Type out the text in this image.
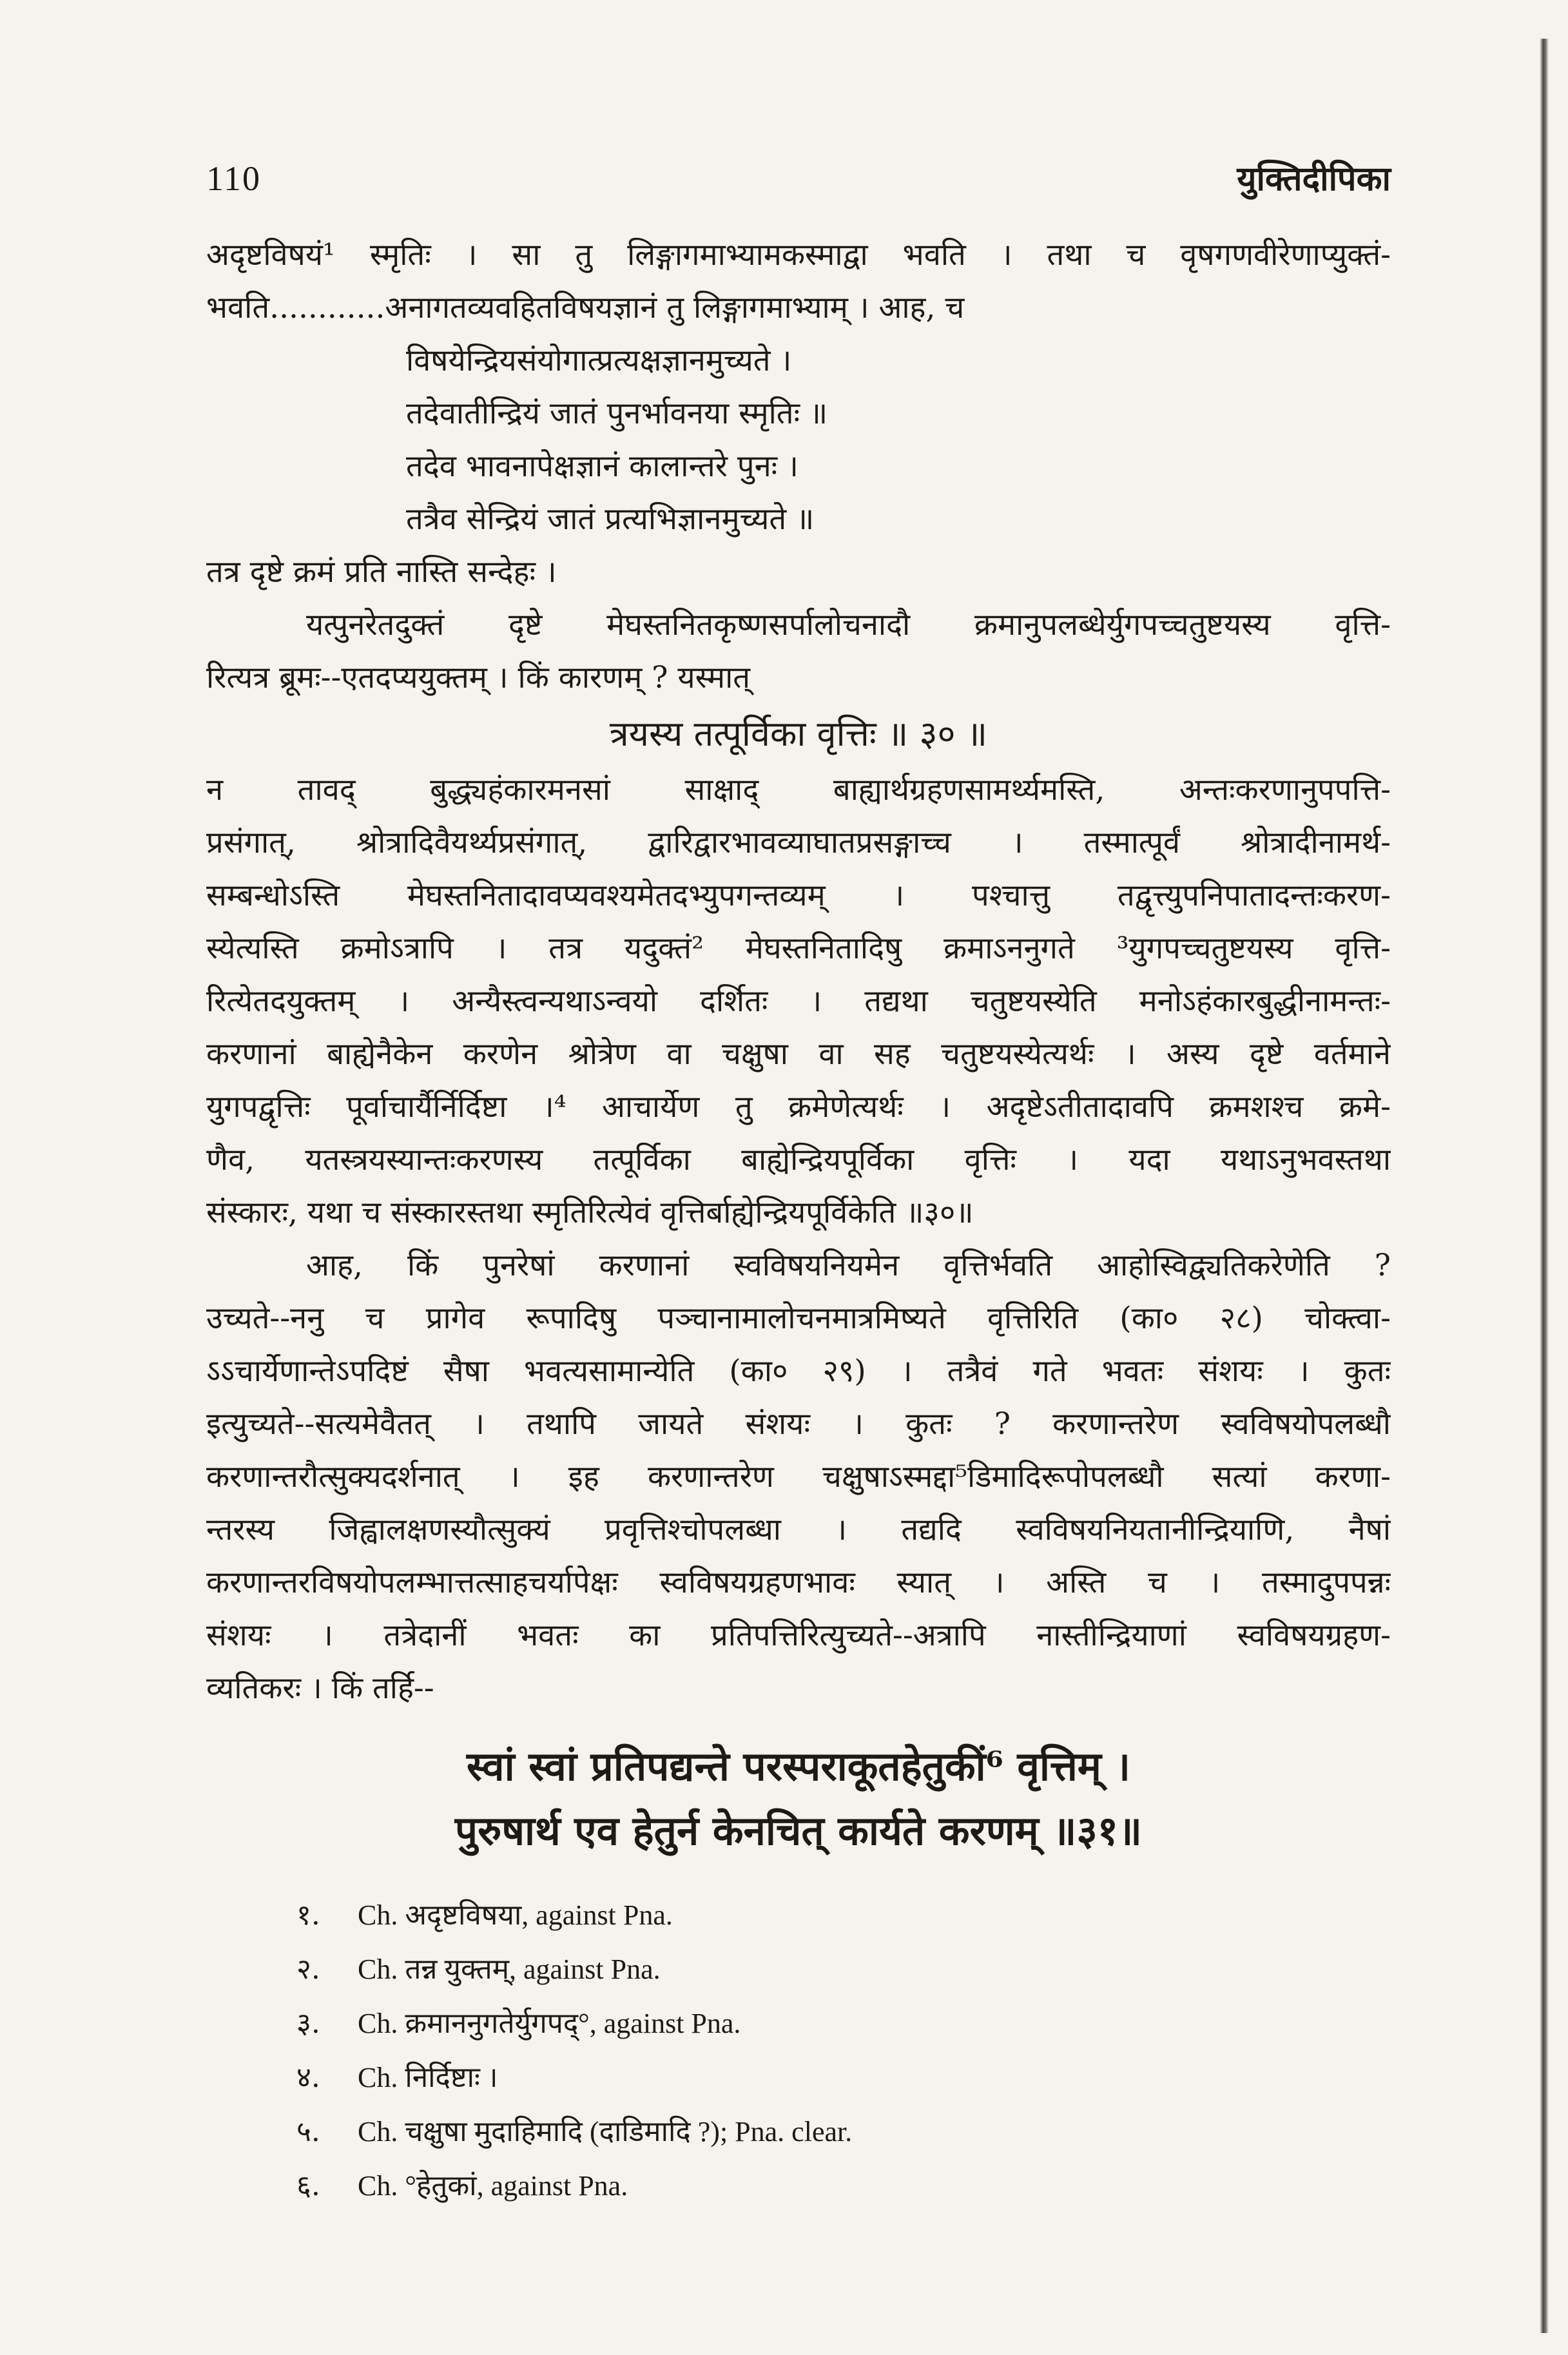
110	युक्तिदीपिका
अदृष्टविषयं¹ स्मृतिः । सा तु लिङ्गागमाभ्यामकस्माद्वा भवति । तथा च वृषगणवीरेणाप्युक्तं-
भवति............अनागतव्यवहितविषयज्ञानं तु लिङ्गागमाभ्याम् । आह, च
विषयेन्द्रियसंयोगात्प्रत्यक्षज्ञानमुच्यते ।
तदेवातीन्द्रियं जातं पुनर्भावनया स्मृतिः ॥
तदेव भावनापेक्षज्ञानं कालान्तरे पुनः ।
तत्रैव सेन्द्रियं जातं प्रत्यभिज्ञानमुच्यते ॥
तत्र दृष्टे क्रमं प्रति नास्ति सन्देहः ।
यत्पुनरेतदुक्तं दृष्टे मेघस्तनितकृष्णसर्पालोचनादौ क्रमानुपलब्धेर्युगपच्चतुष्टयस्य वृत्ति-
रित्यत्र ब्रूमः--एतदप्ययुक्तम् । किं कारणम् ? यस्मात्
त्रयस्य तत्पूर्विका वृत्तिः ॥ ३० ॥
न तावद् बुद्ध्यहंकारमनसां साक्षाद् बाह्यार्थग्रहणसामर्थ्यमस्ति, अन्तःकरणानुपपत्ति-
प्रसंगात्, श्रोत्रादिवैयर्थ्यप्रसंगात्, द्वारिद्वारभावव्याघातप्रसङ्गाच्च । तस्मात्पूर्वं श्रोत्रादीनामर्थ-
सम्बन्धोऽस्ति मेघस्तनितादावप्यवश्यमेतदभ्युपगन्तव्यम् । पश्चात्तु तद्वृत्त्युपनिपातादन्तःकरण-
स्येत्यस्ति क्रमोऽत्रापि । तत्र यदुक्तं² मेघस्तनितादिषु क्रमाऽननुगते ³युगपच्चतुष्टयस्य वृत्ति-
रित्येतदयुक्तम् । अन्यैस्त्वन्यथाऽन्वयो दर्शितः । तद्यथा चतुष्टयस्येति मनोऽहंकारबुद्धीनामन्तः-
करणानां बाह्येनैकेन करणेन श्रोत्रेण वा चक्षुषा वा सह चतुष्टयस्येत्यर्थः । अस्य दृष्टे वर्तमाने
युगपद्वृत्तिः पूर्वाचार्यैर्निर्दिष्टा ।⁴ आचार्येण तु क्रमेणेत्यर्थः । अदृष्टेऽतीतादावपि क्रमशश्च क्रमे-
णैव, यतस्त्रयस्यान्तःकरणस्य तत्पूर्विका बाह्येन्द्रियपूर्विका वृत्तिः । यदा यथाऽनुभवस्तथा
संस्कारः, यथा च संस्कारस्तथा स्मृतिरित्येवं वृत्तिर्बाह्येन्द्रियपूर्विकेति ॥३०॥
आह, किं पुनरेषां करणानां स्वविषयनियमेन वृत्तिर्भवति आहोस्विद्व्यतिकरेणेति ?
उच्यते--ननु च प्रागेव रूपादिषु पञ्चानामालोचनमात्रमिष्यते वृत्तिरिति (का० २८) चोक्त्वा-
ऽऽचार्येणान्तेऽपदिष्टं सैषा भवत्यसामान्येति (का० २९) । तत्रैवं गते भवतः संशयः । कुतः
इत्युच्यते--सत्यमेवैतत् । तथापि जायते संशयः । कुतः ? करणान्तरेण स्वविषयोपलब्धौ
करणान्तरौत्सुक्यदर्शनात् । इह करणान्तरेण चक्षुषाऽस्मद्दा⁵डिमादिरूपोपलब्धौ सत्यां करणा-
न्तरस्य जिह्वालक्षणस्यौत्सुक्यं प्रवृत्तिश्चोपलब्धा । तद्यदि स्वविषयनियतानीन्द्रियाणि, नैषां
करणान्तरविषयोपलम्भात्तत्साहचर्यापेक्षः स्वविषयग्रहणभावः स्यात् । अस्ति च । तस्मादुपपन्नः
संशयः । तत्रेदानीं भवतः का प्रतिपत्तिरित्युच्यते--अत्रापि नास्तीन्द्रियाणां स्वविषयग्रहण-
व्यतिकरः । किं तर्हि--
स्वां स्वां प्रतिपद्यन्ते परस्पराकूतहेतुकीं⁶ वृत्तिम् ।
पुरुषार्थ एव हेतुर्न केनचित् कार्यते करणम् ॥३१॥
१.	Ch. अदृष्टविषया, against Pna.
२.	Ch. तन्न युक्तम्, against Pna.
३.	Ch. क्रमाननुगतेर्युगपद्°, against Pna.
४.	Ch. निर्दिष्टाः ।
५.	Ch. चक्षुषा मुदाहिमादि (दाडिमादि ?); Pna. clear.
६.	Ch. °हेतुकां, against Pna.
